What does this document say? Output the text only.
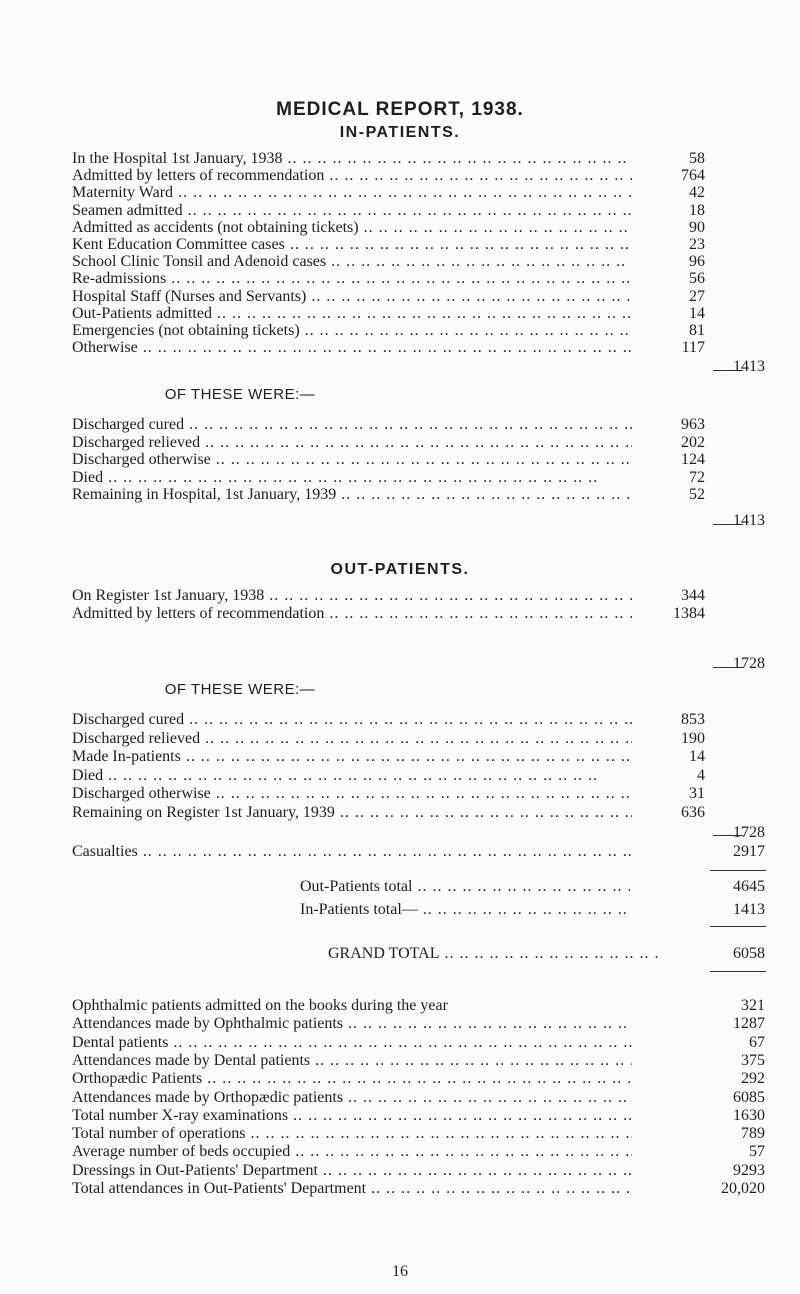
MEDICAL REPORT, 1938.
IN-PATIENTS.
In the Hospital 1st January, 1938 .. ..	58
Admitted by letters of recommendation .. ..	764
Maternity Ward .. ..	42
Seamen admitted .. ..	18
Admitted as accidents (not obtaining tickets) .. ..	90
Kent Education Committee cases .. ..	23
School Clinic Tonsil and Adenoid cases .. ..	96
Re-admissions .. ..	56
Hospital Staff (Nurses and Servants) .. ..	27
Out-Patients admitted .. ..	14
Emergencies (not obtaining tickets) .. ..	81
Otherwise .. ..	117
1413
OF THESE WERE:—
Discharged cured .. ..	963
Discharged relieved .. ..	202
Discharged otherwise .. ..	124
Died .. ..	72
Remaining in Hospital, 1st January, 1939 .. ..	52
1413
OUT-PATIENTS.
On Register 1st January, 1938 .. ..	344
Admitted by letters of recommendation .. ..	1384
1728
OF THESE WERE:—
Discharged cured .. ..	853
Discharged relieved .. ..	190
Made In-patients .. ..	14
Died .. ..	4
Discharged otherwise .. ..	31
Remaining on Register 1st January, 1939 .. ..	636
1728
Casualties .. ..	2917
Out-Patients total .. ..	4645
In-Patients total— .. ..	1413
GRAND TOTAL .. ..	6058
Ophthalmic patients admitted on the books during the year	321
Attendances made by Ophthalmic patients .. ..	1287
Dental patients .. ..	67
Attendances made by Dental patients .. ..	375
Orthopædic Patients .. ..	292
Attendances made by Orthopædic patients .. ..	6085
Total number X-ray examinations .. ..	1630
Total number of operations .. ..	789
Average number of beds occupied .. ..	57
Dressings in Out-Patients' Department .. ..	9293
Total attendances in Out-Patients' Department .. ..	20,020
16
